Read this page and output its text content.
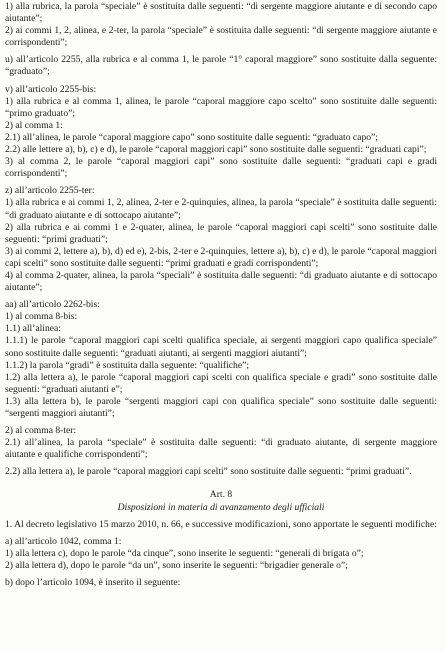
1) alla rubrica, la parola “speciale” è sostituita dalle seguenti: “di sergente maggiore aiutante e di secondo capo aiutante”;

2) ai commi 1, 2, alinea, e 2-ter, la parola “speciale” è sostituita dalle seguenti: “di sergente maggiore aiutante e corrispondenti”;

u) all’articolo 2255, alla rubrica e al comma 1, le parole “1° caporal maggiore” sono sostituite dalla seguente: “graduato”;

v) all’articolo 2255-bis:

1) alla rubrica e al comma 1, alinea, le parole “caporal maggiore capo scelto” sono sostituite dalle seguenti: “primo graduato”;

2) al comma 1:

2.1) all’alinea, le parole “caporal maggiore capo” sono sostituite dalle seguenti: “graduato capo”;

2.2) alle lettere a), b), c) e d), le parole “caporal maggiori capi” sono sostituite dalle seguenti: “graduati capi”;

3) al comma 2, le parole “caporal maggiori capi” sono sostituite dalle seguenti: “graduati capi e gradi corrispondenti”;

z) all’articolo 2255-ter:

1) alla rubrica e ai commi 1, 2, alinea, 2-ter e 2-quinquies, alinea, la parola “speciale” è sostituita dalle seguenti: “di graduato aiutante e di sottocapo aiutante”;

2) alla rubrica e ai commi 1 e 2-quater, alinea, le parole “caporal maggiori capi scelti” sono sostituite dalle seguenti: “primi graduati”;

3) ai commi 2, lettere a), b), d) ed e), 2-bis, 2-ter e 2-quinquies, lettere a), b), c) e d), le parole “caporal maggiori capi scelti” sono sostituite dalle seguenti: “primi graduati e gradi corrispondenti”;

4) al comma 2-quater, alinea, la parola “speciali” è sostituita dalle seguenti: “di graduato aiutante e di sottocapo aiutante”;

aa) all’articolo 2262-bis:

1) al comma 8-bis:

1.1) all’alinea:

1.1.1) le parole “caporal maggiori capi scelti qualifica speciale, ai sergenti maggiori capo qualifica speciale” sono sostituite dalle seguenti: “graduati aiutanti, ai sergenti maggiori aiutanti”;

1.1.2) la parola “gradi” è sostituita dalla seguente: “qualifiche”;

1.2) alla lettera a), le parole “caporal maggiori capi scelti con qualifica speciale e gradi” sono sostituite dalle seguenti: “graduati aiutanti e”;

1.3) alla lettera b), le parole “sergenti maggiori capi con qualifica speciale” sono sostituite dalle seguenti: “sergenti maggiori aiutanti”;

2) al comma 8-ter:

2.1) all’alinea, la parola “speciale” è sostituita dalle seguenti: “di graduato aiutante, di sergente maggiore aiutante e qualifiche corrispondenti”;

2.2) alla lettera a), le parole “caporal maggiori capi scelti” sono sostituite dalle seguenti: “primi graduati”.

Art. 8

Disposizioni in materia di avanzamento degli ufficiali

1. Al decreto legislativo 15 marzo 2010, n. 66, e successive modificazioni, sono apportate le seguenti modifiche:

a) all’articolo 1042, comma 1:

1) alla lettera c), dopo le parole “da cinque”, sono inserite le seguenti: “generali di brigata o”;

2) alla lettera d), dopo le parole “da un”, sono inserite le seguenti: “brigadier generale o”;

b) dopo l’articolo 1094, è inserito il seguente:
